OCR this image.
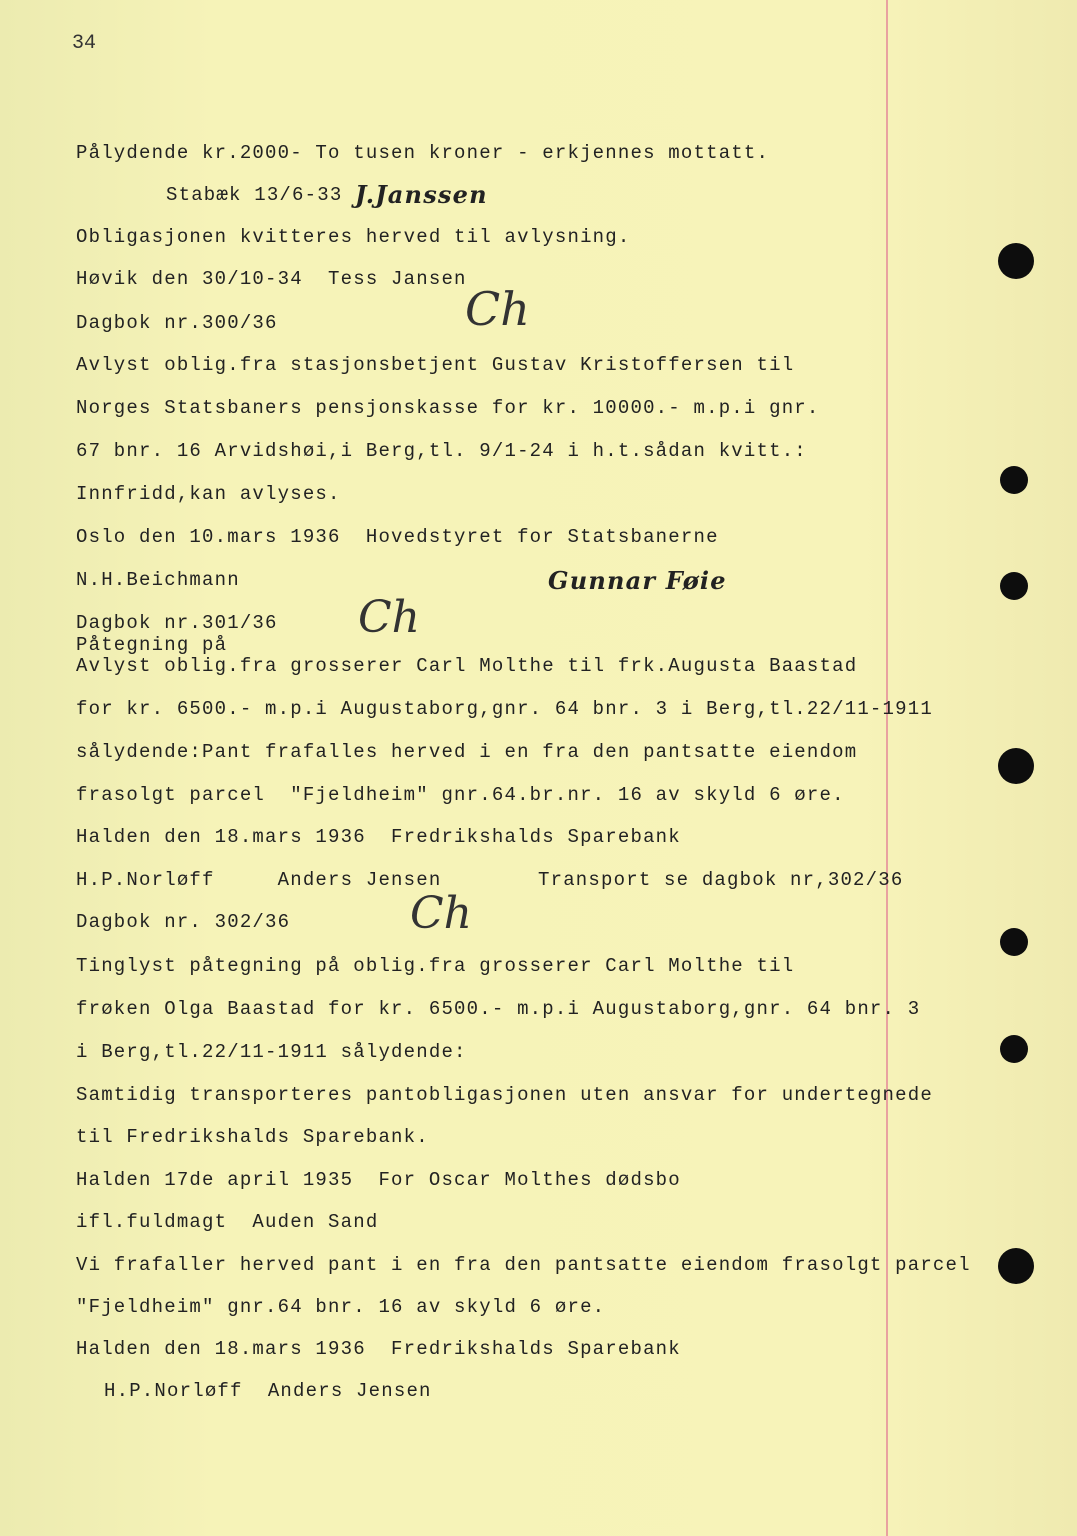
34
Pålydende kr.2000- To tusen kroner - erkjennes mottatt.
Stabæk 13/6-33 J.Janssen
Obligasjonen kvitteres herved til avlysning.
Høvik den 30/10-34  Tess Jansen
Dagbok nr.300/36	Ch
Avlyst oblig.fra stasjonsbetjent Gustav Kristoffersen til
Norges Statsbaners pensjonskasse for kr. 10000.- m.p.i gnr.
67 bnr. 16 Arvidshøi,i Berg,tl. 9/1-24 i h.t.sådan kvitt.:
Innfridd,kan avlyses.
Oslo den 10.mars 1936  Hovedstyret for Statsbanerne
N.H.Beichmann	Gunnar Føie
Dagbok nr.301/36 Ch
Påtegning på
Avlyst oblig.fra grosserer Carl Molthe til frk.Augusta Baastad
for kr. 6500.- m.p.i Augustaborg,gnr. 64 bnr. 3 i Berg,tl.22/11-1911
sålydende:Pant frafalles herved i en fra den pantsatte eiendom
frasolgt parcel  "Fjeldheim" gnr.64.br.nr. 16 av skyld 6 øre.
Halden den 18.mars 1936  Fredrikshalds Sparebank
H.P.Norløff     Anders Jensen	Transport se dagbok nr,302/36
Dagbok nr. 302/36	Ch
Tinglyst påtegning på oblig.fra grosserer Carl Molthe til
frøken Olga Baastad for kr. 6500.- m.p.i Augustaborg,gnr. 64 bnr. 3
i Berg,tl.22/11-1911 sålydende:
Samtidig transporteres pantobligasjonen uten ansvar for undertegnede
til Fredrikshalds Sparebank.
Halden 17de april 1935  For Oscar Molthes dødsbo
ifl.fuldmagt  Auden Sand
Vi frafaller herved pant i en fra den pantsatte eiendom frasolgt parcel
"Fjeldheim" gnr.64 bnr. 16 av skyld 6 øre.
Halden den 18.mars 1936  Fredrikshalds Sparebank
H.P.Norløff  Anders Jensen
